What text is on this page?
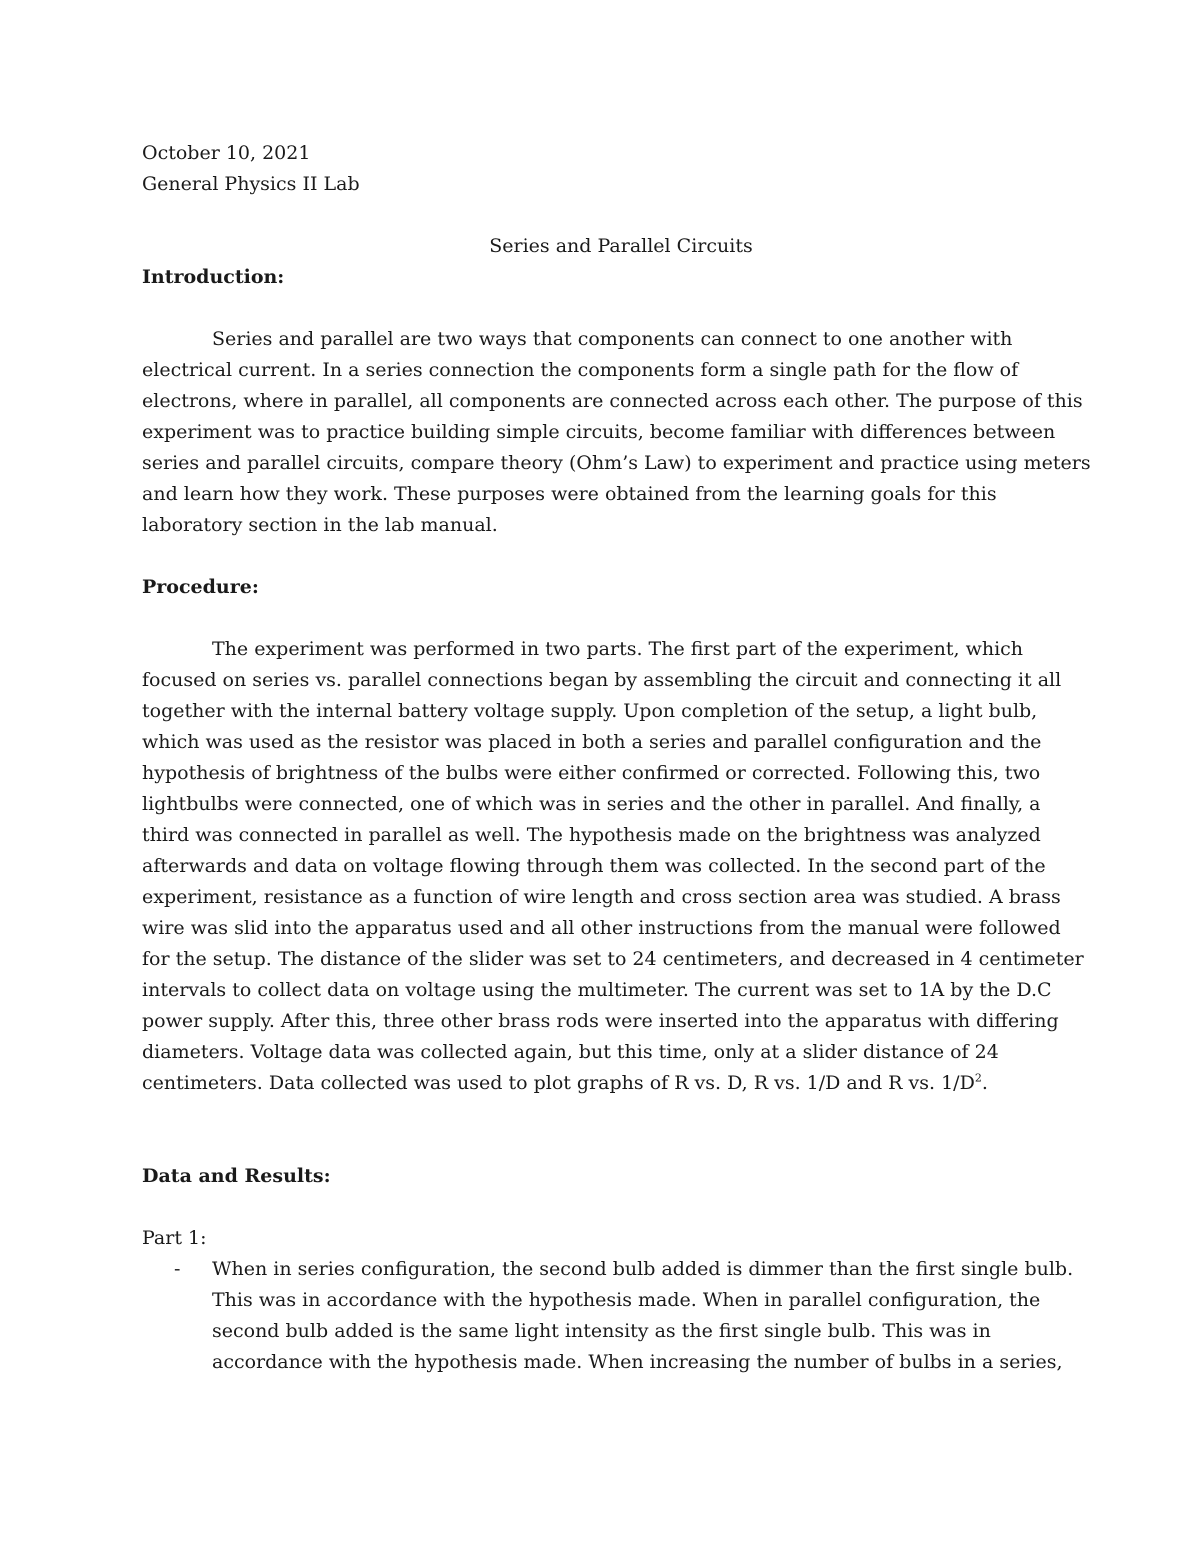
October 10, 2021
General Physics II Lab
Series and Parallel Circuits
Introduction:
Series and parallel are two ways that components can connect to one another with
electrical current. In a series connection the components form a single path for the flow of
electrons, where in parallel, all components are connected across each other. The purpose of this
experiment was to practice building simple circuits, become familiar with differences between
series and parallel circuits, compare theory (Ohm’s Law) to experiment and practice using meters
and learn how they work. These purposes were obtained from the learning goals for this
laboratory section in the lab manual.
Procedure:
The experiment was performed in two parts. The first part of the experiment, which
focused on series vs. parallel connections began by assembling the circuit and connecting it all
together with the internal battery voltage supply. Upon completion of the setup, a light bulb,
which was used as the resistor was placed in both a series and parallel configuration and the
hypothesis of brightness of the bulbs were either confirmed or corrected. Following this, two
lightbulbs were connected, one of which was in series and the other in parallel. And finally, a
third was connected in parallel as well. The hypothesis made on the brightness was analyzed
afterwards and data on voltage flowing through them was collected. In the second part of the
experiment, resistance as a function of wire length and cross section area was studied. A brass
wire was slid into the apparatus used and all other instructions from the manual were followed
for the setup. The distance of the slider was set to 24 centimeters, and decreased in 4 centimeter
intervals to collect data on voltage using the multimeter. The current was set to 1A by the D.C
power supply. After this, three other brass rods were inserted into the apparatus with differing
diameters. Voltage data was collected again, but this time, only at a slider distance of 24
centimeters. Data collected was used to plot graphs of R vs. D, R vs. 1/D and R vs. $1/D^2$.
Data and Results:
Part 1:
- When in series configuration, the second bulb added is dimmer than the first single bulb.
This was in accordance with the hypothesis made. When in parallel configuration, the
second bulb added is the same light intensity as the first single bulb. This was in
accordance with the hypothesis made. When increasing the number of bulbs in a series,
